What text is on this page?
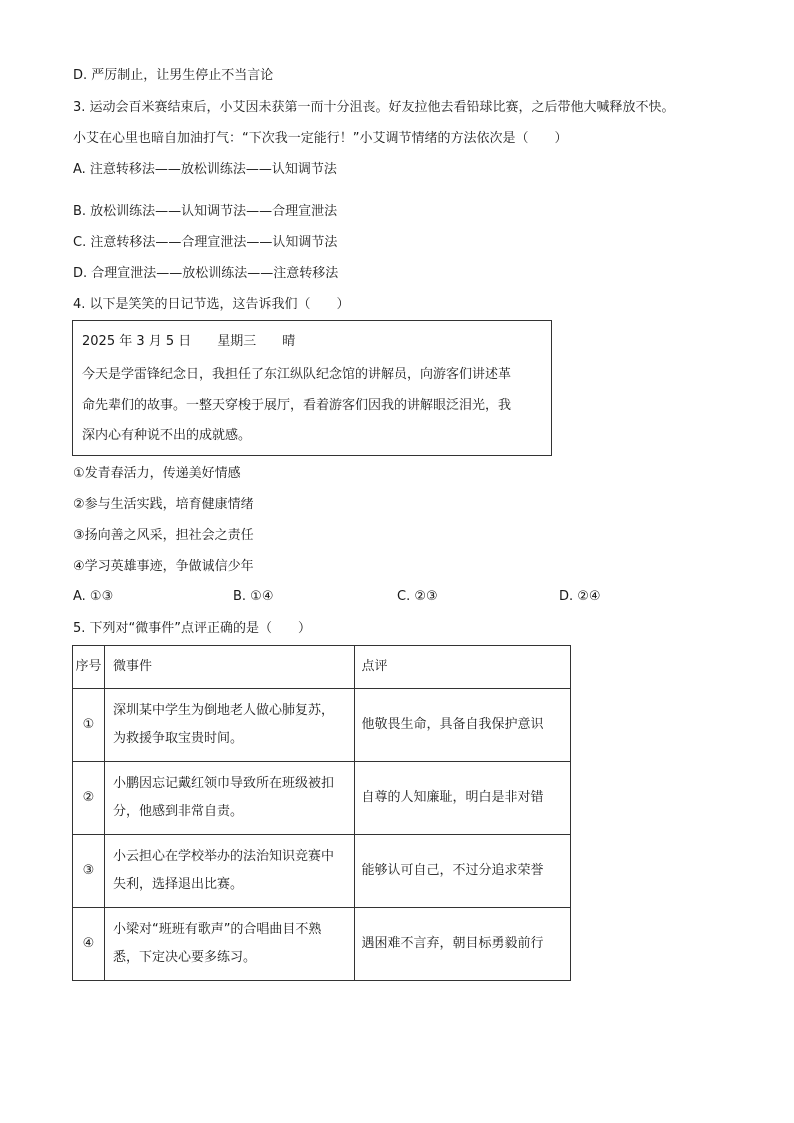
D. 严厉制止，让男生停止不当言论
3. 运动会百米赛结束后，小艾因未获第一而十分沮丧。好友拉他去看铅球比赛，之后带他大喊释放不快。
小艾在心里也暗自加油打气：“下次我一定能行！”小艾调节情绪的方法依次是（　　）
A. 注意转移法——放松训练法——认知调节法
B. 放松训练法——认知调节法——合理宣泄法
C. 注意转移法——合理宣泄法——认知调节法
D. 合理宣泄法——放松训练法——注意转移法
4. 以下是笑笑的日记节选，这告诉我们（　　）
2025 年 3 月 5 日　　星期三　　晴
今天是学雷锋纪念日，我担任了东江纵队纪念馆的讲解员，向游客们讲述革
命先辈们的故事。一整天穿梭于展厅，看着游客们因我的讲解眼泛泪光，我
深内心有种说不出的成就感。
①发青春活力，传递美好情感
②参与生活实践，培育健康情绪
③扬向善之风采，担社会之责任
④学习英雄事迹，争做诚信少年
A. ①③	B. ①④	C. ②③	D. ②④
5. 下列对“微事件”点评正确的是（　　）
序号	微事件	点评
①	深圳某中学生为倒地老人做心肺复苏，为救援争取宝贵时间。	他敬畏生命，具备自我保护意识
②	小鹏因忘记戴红领巾导致所在班级被扣分，他感到非常自责。	自尊的人知廉耻，明白是非对错
③	小云担心在学校举办的法治知识竞赛中失利，选择退出比赛。	能够认可自己，不过分追求荣誉
④	小梁对“班班有歌声”的合唱曲目不熟悉，下定决心要多练习。	遇困难不言弃，朝目标勇毅前行
